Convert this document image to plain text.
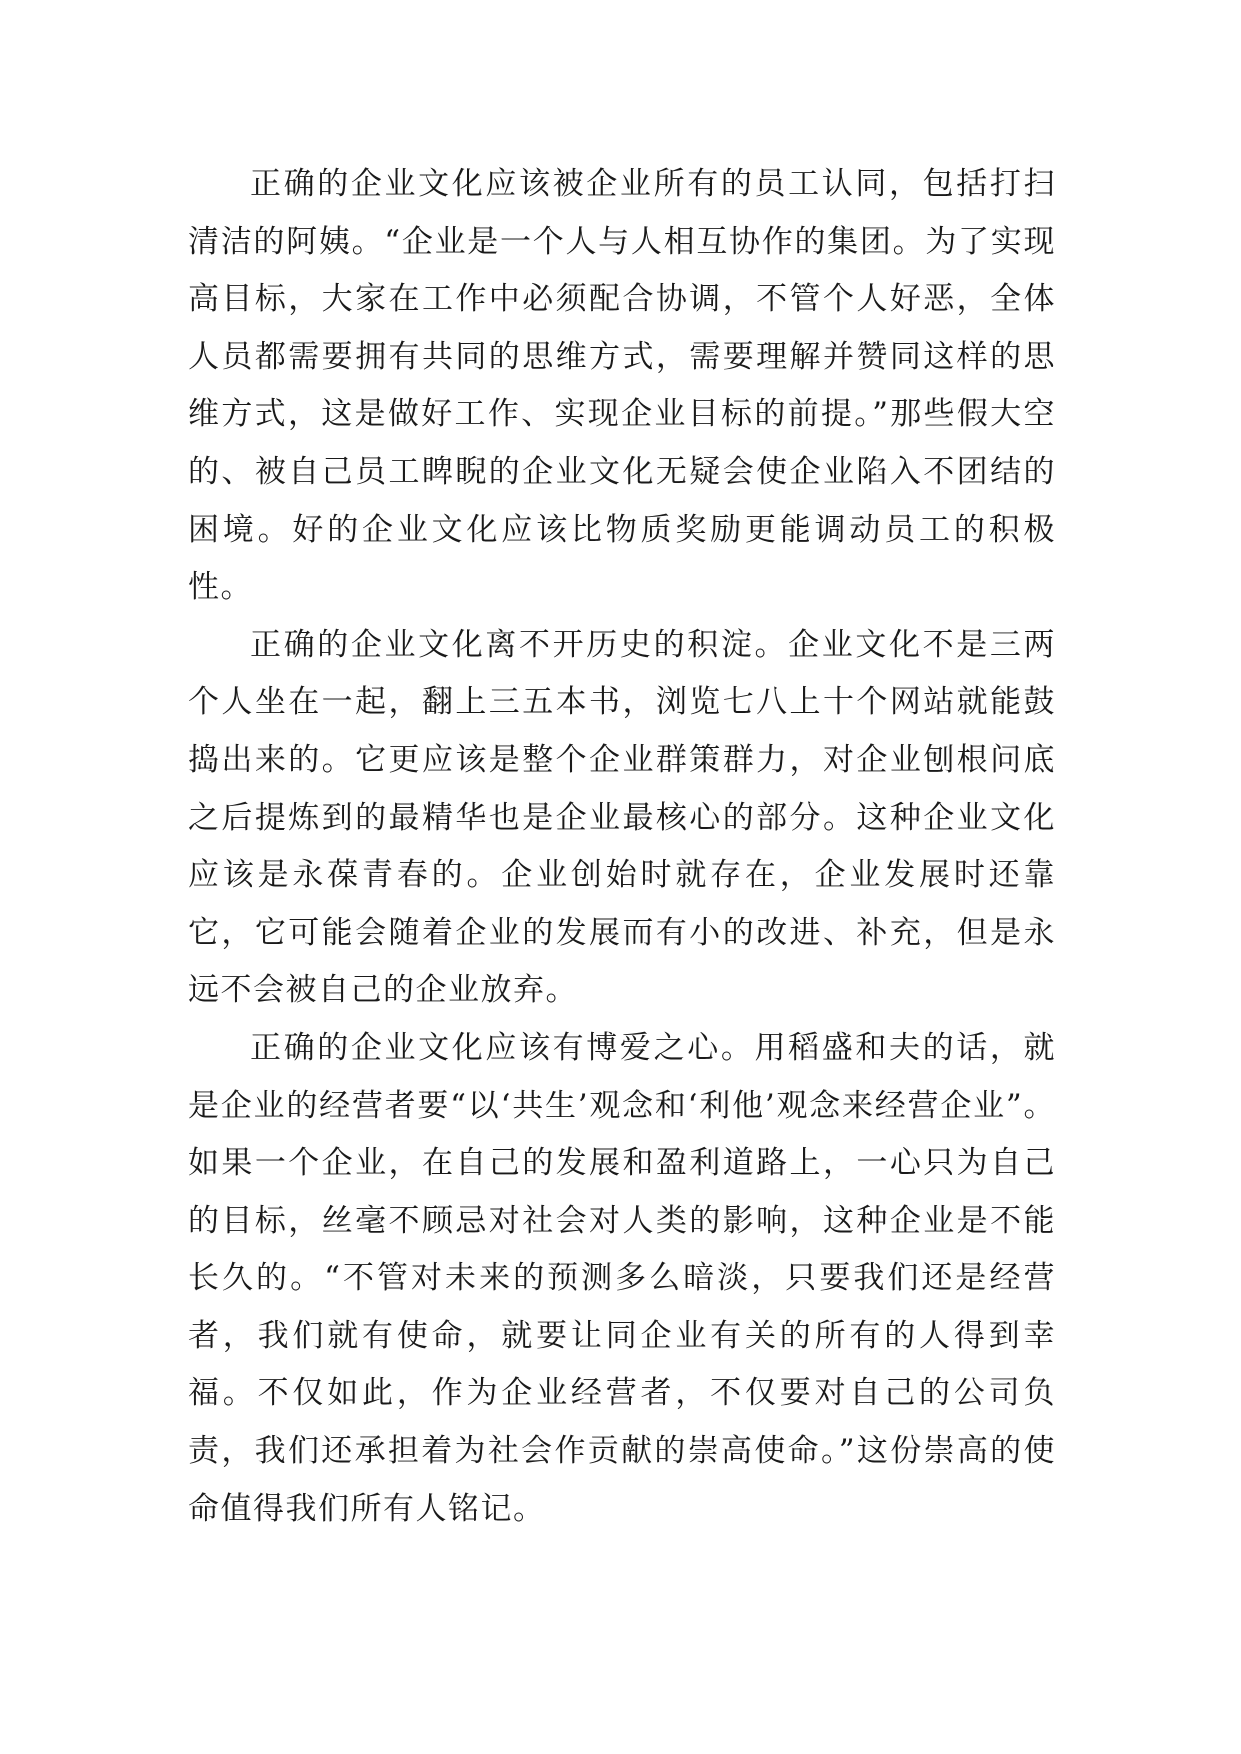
正确的企业文化应该被企业所有的员工认同，包括打扫清洁的阿姨。“企业是一个人与人相互协作的集团。为了实现高目标，大家在工作中必须配合协调，不管个人好恶，全体人员都需要拥有共同的思维方式，需要理解并赞同这样的思维方式，这是做好工作、实现企业目标的前提。”那些假大空的、被自己员工睥睨的企业文化无疑会使企业陷入不团结的困境。好的企业文化应该比物质奖励更能调动员工的积极性。

正确的企业文化离不开历史的积淀。企业文化不是三两个人坐在一起，翻上三五本书，浏览七八上十个网站就能鼓捣出来的。它更应该是整个企业群策群力，对企业刨根问底之后提炼到的最精华也是企业最核心的部分。这种企业文化应该是永葆青春的。企业创始时就存在，企业发展时还靠它，它可能会随着企业的发展而有小的改进、补充，但是永远不会被自己的企业放弃。

正确的企业文化应该有博爱之心。用稻盛和夫的话，就是企业的经营者要“以‘共生’观念和‘利他’观念来经营企业”。如果一个企业，在自己的发展和盈利道路上，一心只为自己的目标，丝毫不顾忌对社会对人类的影响，这种企业是不能长久的。“不管对未来的预测多么暗淡，只要我们还是经营者，我们就有使命，就要让同企业有关的所有的人得到幸福。不仅如此，作为企业经营者，不仅要对自己的公司负责，我们还承担着为社会作贡献的崇高使命。”这份崇高的使命值得我们所有人铭记。
